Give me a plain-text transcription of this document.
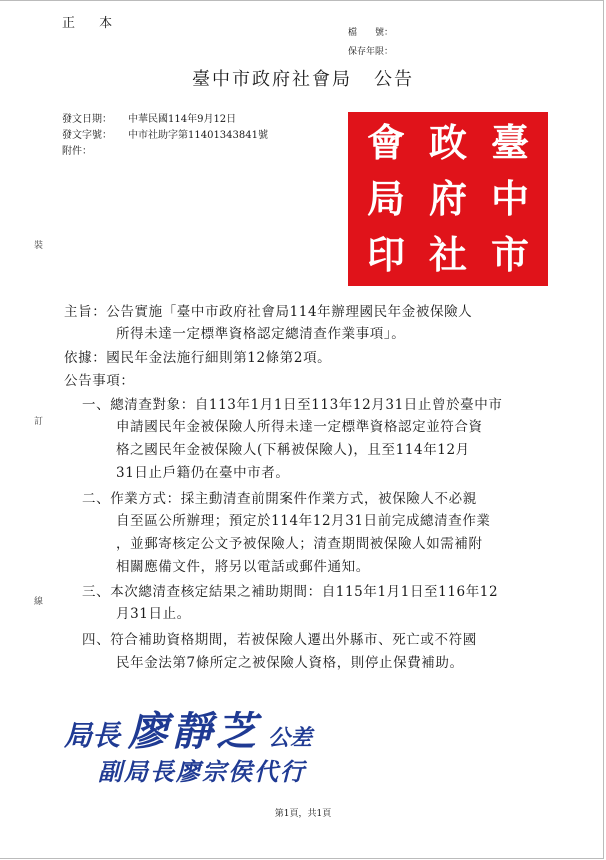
正 本
檔　　號：
保存年限：
臺中市政府社會局 公告
發文日期： 中華民國114年9月12日
發文字號： 中市社助字第11401343841號
附件：
裝
訂
線
臺
中
市
政
府
社
會
局
印
主旨：公告實施「臺中市政府社會局114年辦理國民年金被保險人
所得未達一定標準資格認定總清查作業事項」。
依據：國民年金法施行細則第12條第2項。
公告事項：
一、總清查對象：自113年1月1日至113年12月31日止曾於臺中市
申請國民年金被保險人所得未達一定標準資格認定並符合資
格之國民年金被保險人(下稱被保險人)，且至114年12月
31日止戶籍仍在臺中市者。
二、作業方式：採主動清查前開案件作業方式，被保險人不必親
自至區公所辦理；預定於114年12月31日前完成總清查作業
，並郵寄核定公文予被保險人；清查期間被保險人如需補附
相關應備文件，將另以電話或郵件通知。
三、本次總清查核定結果之補助期間：自115年1月1日至116年12
月31日止。
四、符合補助資格期間，若被保險人遷出外縣市、死亡或不符國
民年金法第7條所定之被保險人資格，則停止保費補助。
局長 廖靜芝 公差
副局長廖宗侯代行
第1頁，共1頁
